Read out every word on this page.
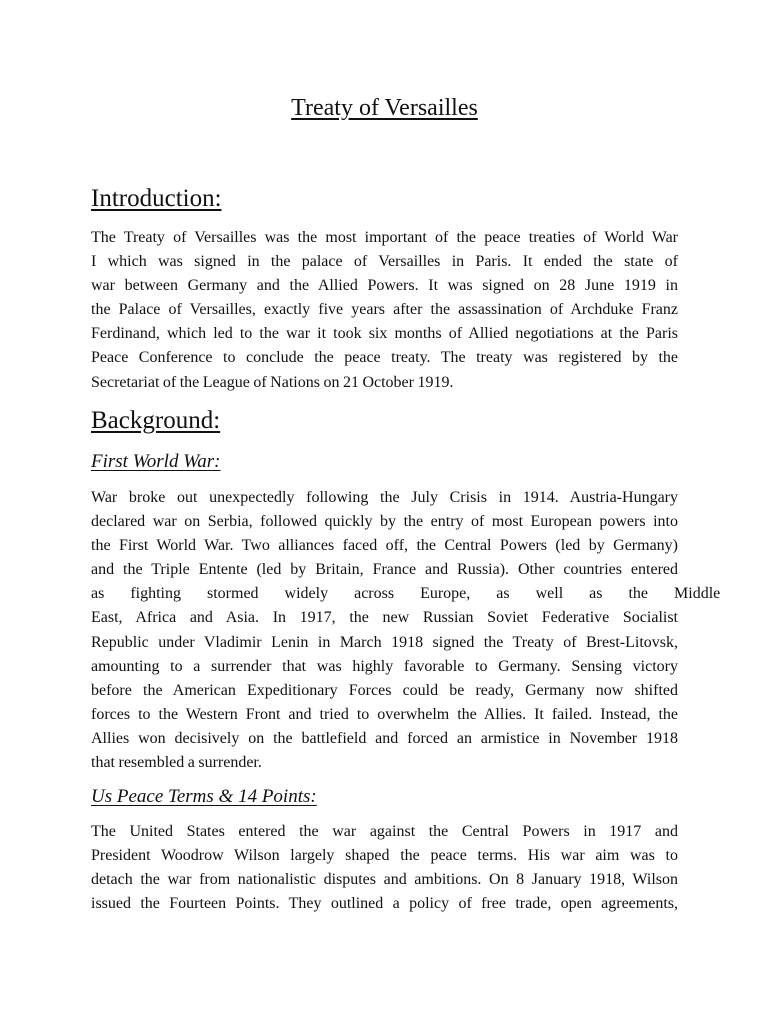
Treaty of Versailles
Introduction:

The Treaty of Versailles was the most important of the peace treaties of World War
I which was signed in the palace of Versailles in Paris. It ended the state of
war between Germany and the Allied Powers. It was signed on 28 June 1919 in
the Palace of Versailles, exactly five years after the assassination of Archduke Franz
Ferdinand, which led to the war it took six months of Allied negotiations at the Paris
Peace Conference to conclude the peace treaty. The treaty was registered by the
Secretariat of the League of Nations on 21 October 1919.

Background:
First World War:

War broke out unexpectedly following the July Crisis in 1914. Austria-Hungary
declared war on Serbia, followed quickly by the entry of most European powers into
the First World War. Two alliances faced off, the Central Powers (led by Germany)
and the Triple Entente (led by Britain, France and Russia). Other countries entered
as fighting stormed widely across Europe, as well as the Middle
East, Africa and Asia. In 1917, the new Russian Soviet Federative Socialist
Republic under Vladimir Lenin in March 1918 signed the Treaty of Brest-Litovsk,
amounting to a surrender that was highly favorable to Germany. Sensing victory
before the American Expeditionary Forces could be ready, Germany now shifted
forces to the Western Front and tried to overwhelm the Allies. It failed. Instead, the
Allies won decisively on the battlefield and forced an armistice in November 1918
that resembled a surrender.

Us Peace Terms & 14 Points:

The United States entered the war against the Central Powers in 1917 and
President Woodrow Wilson largely shaped the peace terms. His war aim was to
detach the war from nationalistic disputes and ambitions. On 8 January 1918, Wilson
issued the Fourteen Points. They outlined a policy of free trade, open agreements,
